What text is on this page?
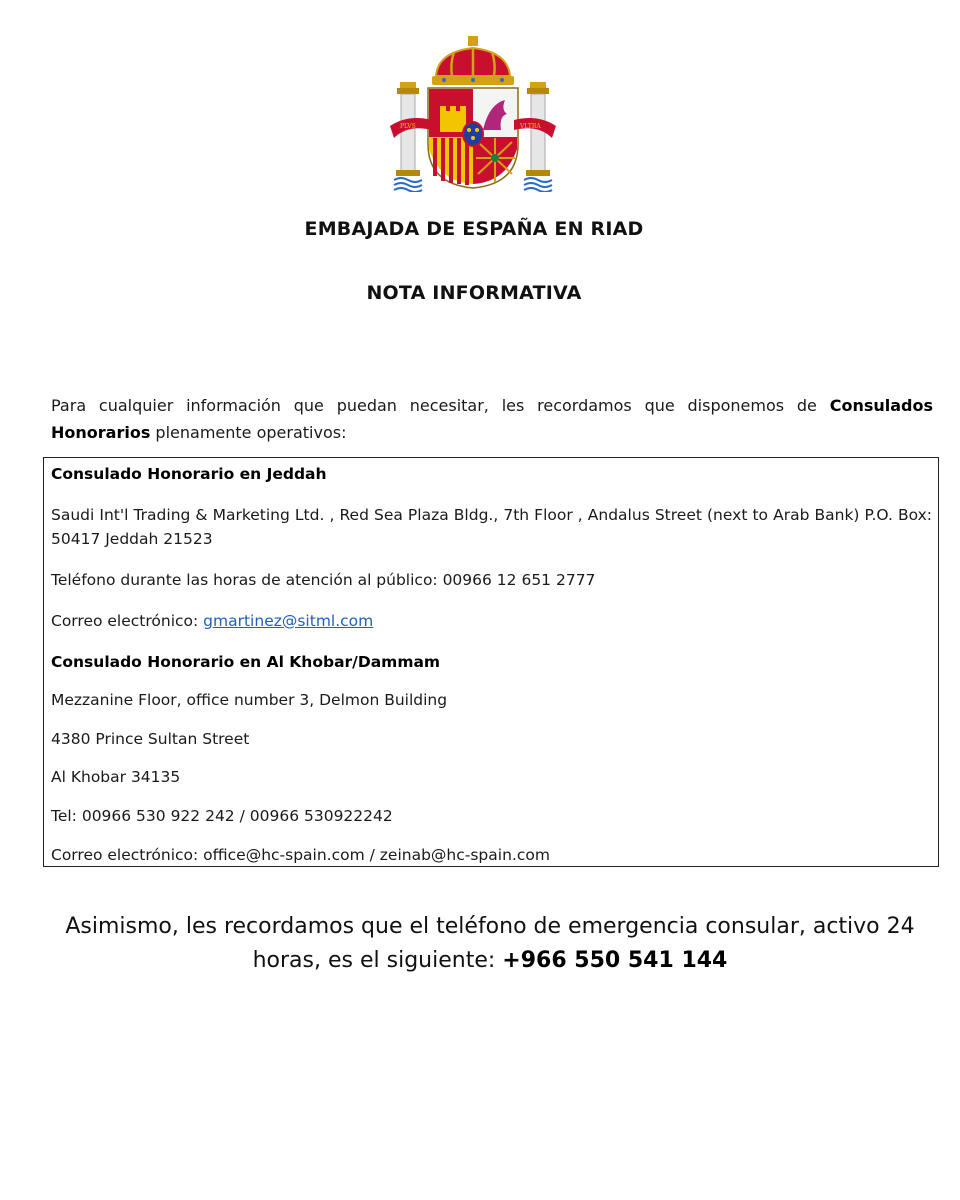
PLVS	VLTRA
EMBAJADA DE ESPAÑA EN RIAD
NOTA INFORMATIVA
Para cualquier información que puedan necesitar, les recordamos que disponemos de Consulados Honorarios plenamente operativos:
Consulado Honorario en Jeddah
Saudi Int'l Trading & Marketing Ltd. , Red Sea Plaza Bldg., 7th Floor , Andalus Street (next to Arab Bank) P.O. Box: 50417 Jeddah 21523
Teléfono durante las horas de atención al público: 00966 12 651 2777
Correo electrónico: gmartinez@sitml.com
Consulado Honorario en Al Khobar/Dammam
Mezzanine Floor, office number 3, Delmon Building
4380 Prince Sultan Street
Al Khobar 34135
Tel: 00966 530 922 242 / 00966 530922242
Correo electrónico: office@hc-spain.com / zeinab@hc-spain.com
Asimismo, les recordamos que el teléfono de emergencia consular, activo 24 horas, es el siguiente: +966 550 541 144
